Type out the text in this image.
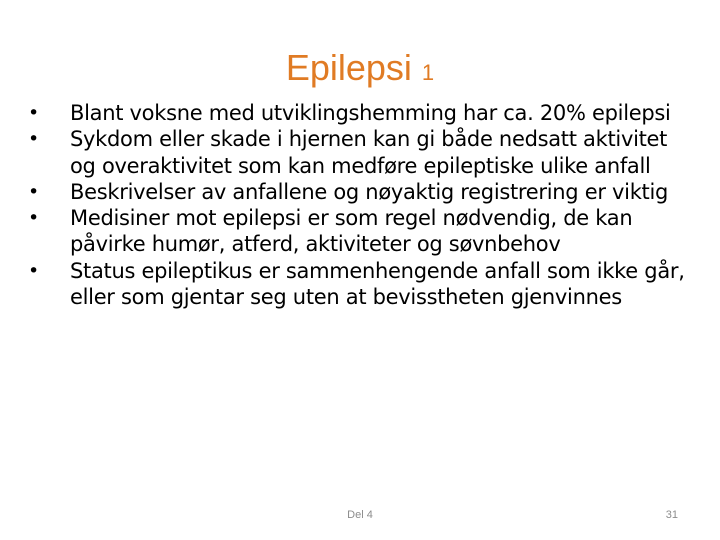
Epilepsi 1
•	Blant voksne med utviklingshemming har ca. 20% epilepsi
•	Sykdom eller skade i hjernen kan gi både nedsatt aktivitet og overaktivitet som kan medføre epileptiske ulike anfall
•	Beskrivelser av anfallene og nøyaktig registrering er viktig
•	Medisiner mot epilepsi er som regel nødvendig, de kan påvirke humør, atferd, aktiviteter og søvnbehov
•	Status epileptikus er sammenhengende anfall som ikke går, eller som gjentar seg uten at bevisstheten gjenvinnes
Del 4	31
